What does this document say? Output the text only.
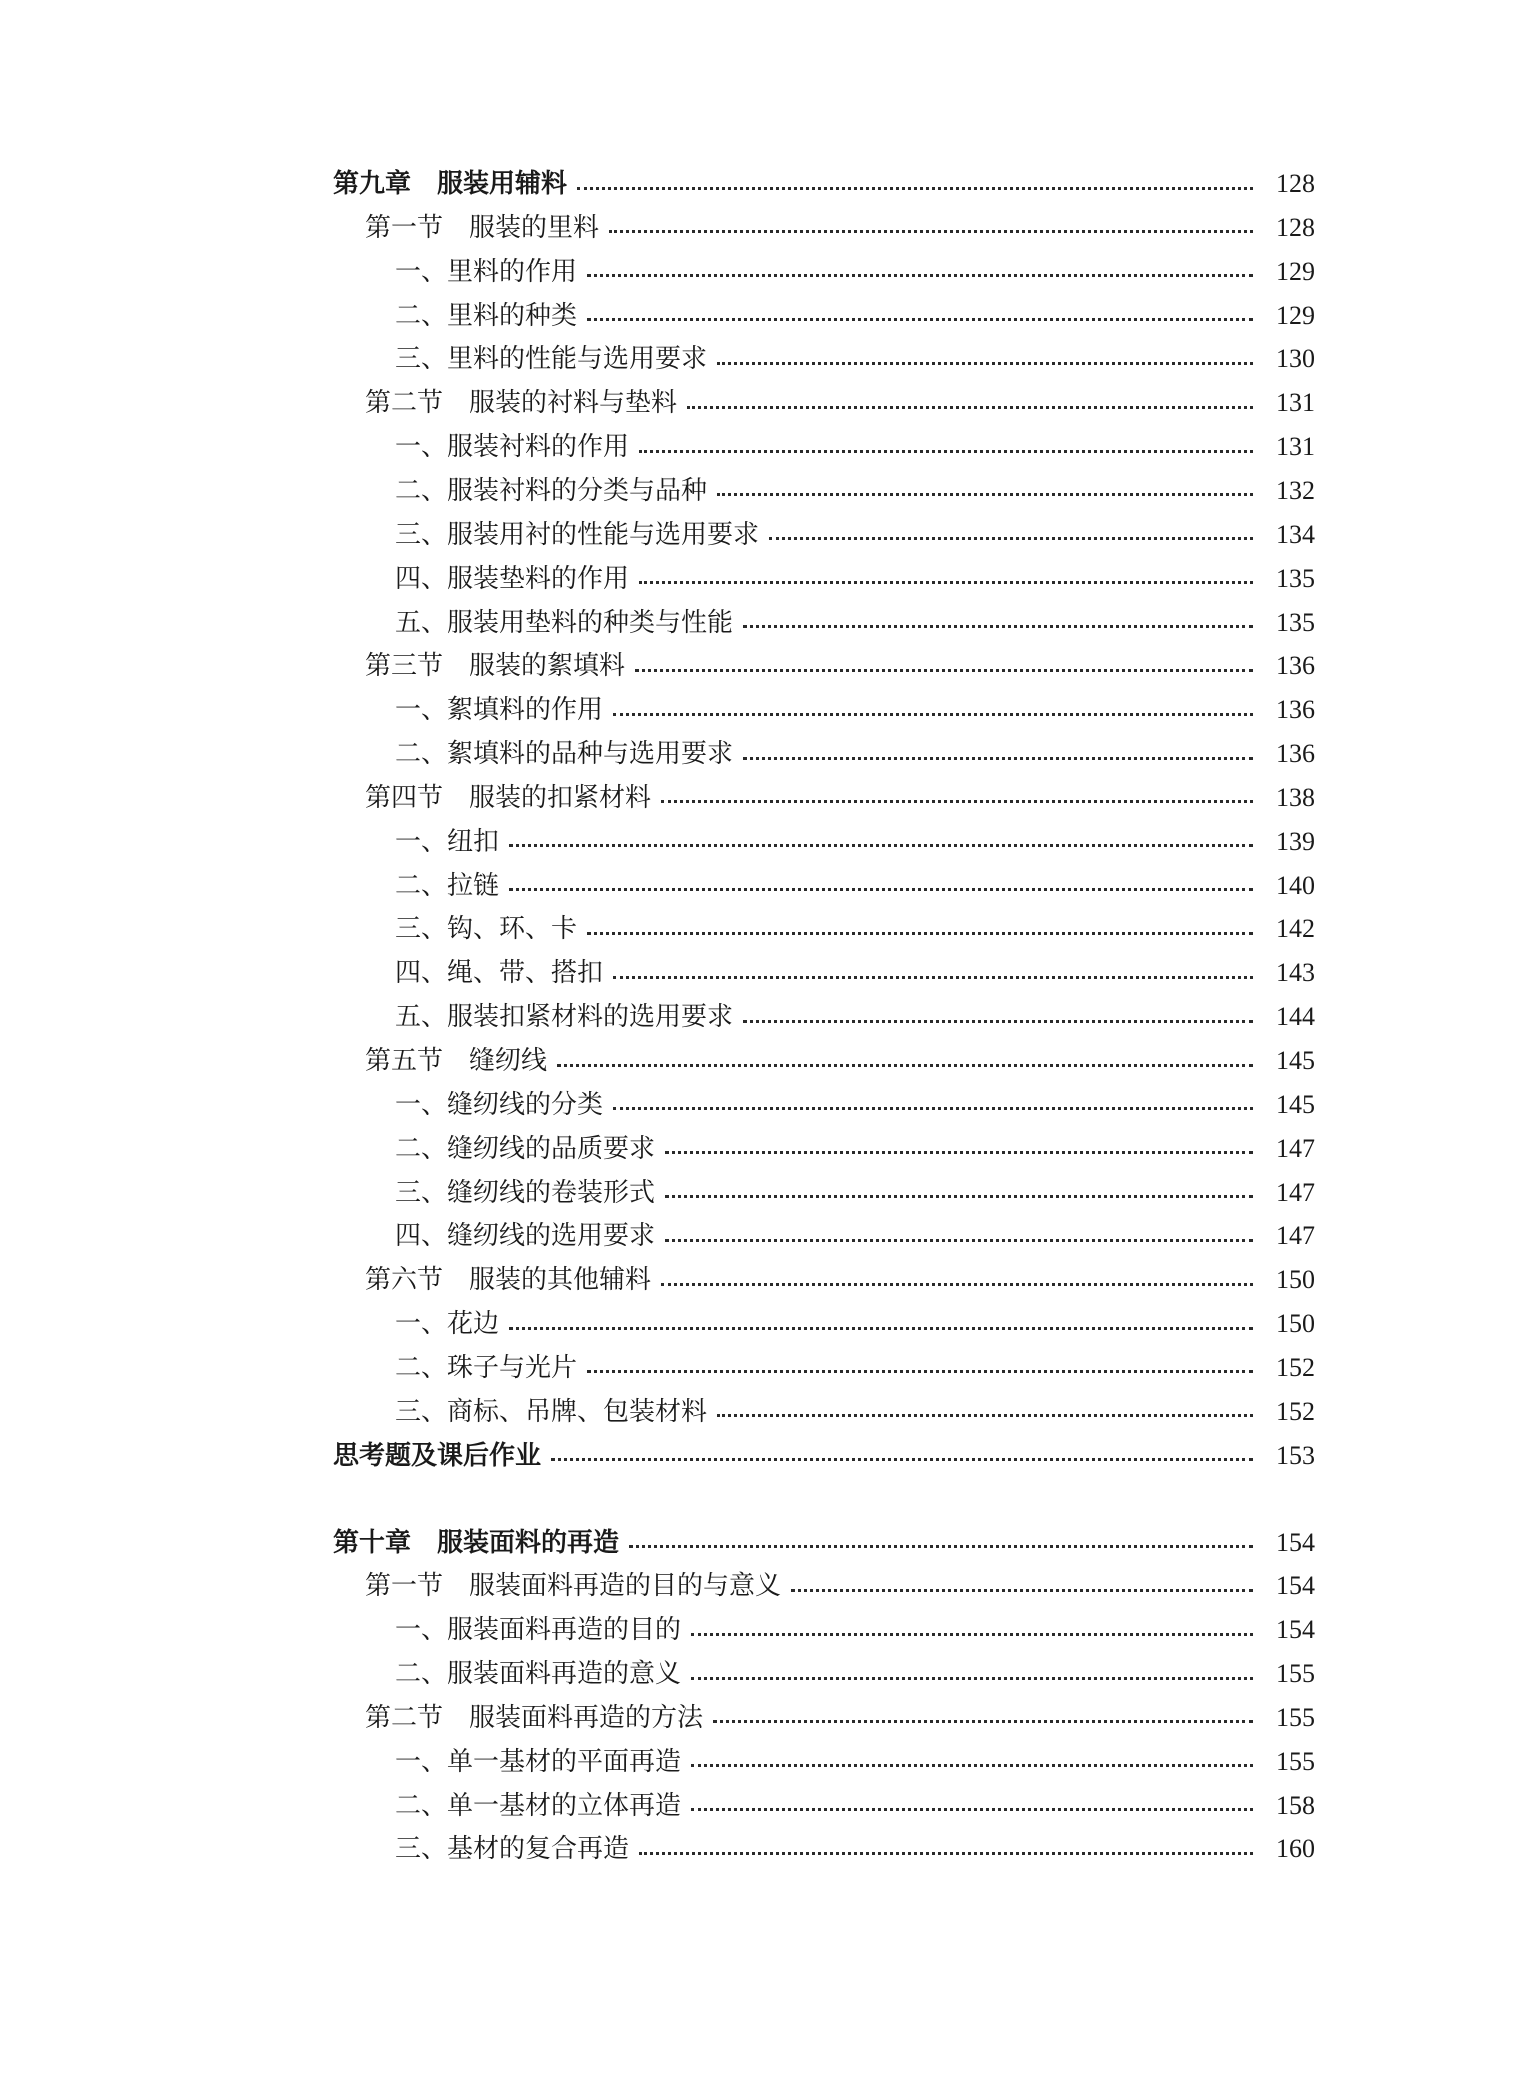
第九章 服装用辅料	128
第一节 服装的里料	128
一、里料的作用	129
二、里料的种类	129
三、里料的性能与选用要求	130
第二节 服装的衬料与垫料	131
一、服装衬料的作用	131
二、服装衬料的分类与品种	132
三、服装用衬的性能与选用要求	134
四、服装垫料的作用	135
五、服装用垫料的种类与性能	135
第三节 服装的絮填料	136
一、絮填料的作用	136
二、絮填料的品种与选用要求	136
第四节 服装的扣紧材料	138
一、纽扣	139
二、拉链	140
三、钩、环、卡	142
四、绳、带、搭扣	143
五、服装扣紧材料的选用要求	144
第五节 缝纫线	145
一、缝纫线的分类	145
二、缝纫线的品质要求	147
三、缝纫线的卷装形式	147
四、缝纫线的选用要求	147
第六节 服装的其他辅料	150
一、花边	150
二、珠子与光片	152
三、商标、吊牌、包装材料	152
思考题及课后作业	153
第十章 服装面料的再造	154
第一节 服装面料再造的目的与意义	154
一、服装面料再造的目的	154
二、服装面料再造的意义	155
第二节 服装面料再造的方法	155
一、单一基材的平面再造	155
二、单一基材的立体再造	158
三、基材的复合再造	160
